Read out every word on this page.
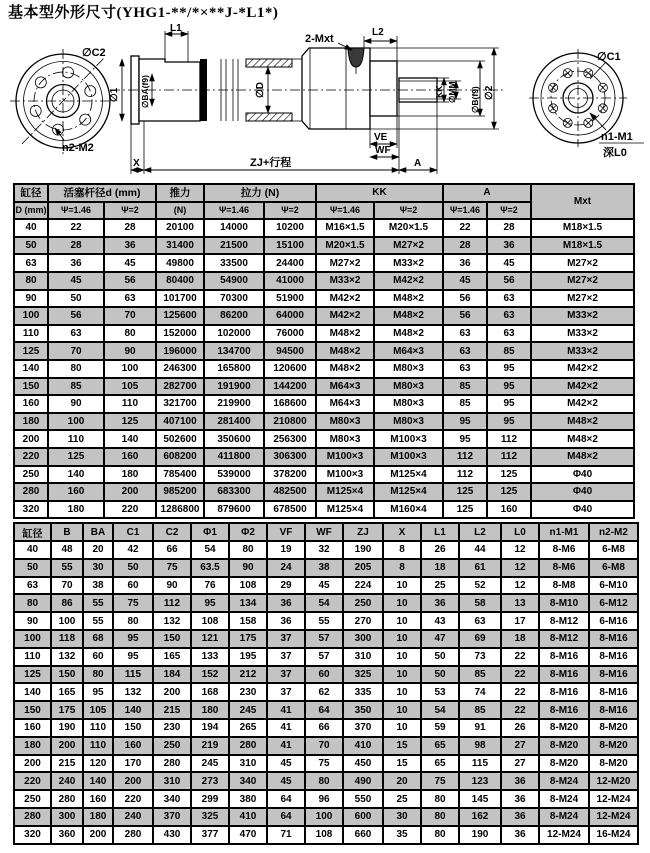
基本型外形尺寸(YHG1-**/*×**J-*L1*)
∅C2
n2-M2
∅1 ∅BA(f9)
L1
∅D
2-Mxt
L2
KK ∅MM ∅B(f9) ∅2
VE
WF
A
X	ZJ+行程
∅C1
n1-M1
深L0
缸径	活塞杆径d (mm)		推力	拉力 (N)		KK		A		Mxt
D (mm)	Ψ=1.46	Ψ=2	(N)	Ψ=1.46	Ψ=2	Ψ=1.46	Ψ=2	Ψ=1.46	Ψ=2	
40	22	28	20100	14000	10200	M16×1.5	M20×1.5	22	28	M18×1.5
50	28	36	31400	21500	15100	M20×1.5	M27×2	28	36	M18×1.5
63	36	45	49800	33500	24400	M27×2	M33×2	36	45	M27×2
80	45	56	80400	54900	41000	M33×2	M42×2	45	56	M27×2
90	50	63	101700	70300	51900	M42×2	M48×2	56	63	M27×2
100	56	70	125600	86200	64000	M42×2	M48×2	56	63	M33×2
110	63	80	152000	102000	76000	M48×2	M48×2	63	63	M33×2
125	70	90	196000	134700	94500	M48×2	M64×3	63	85	M33×2
140	80	100	246300	165800	120600	M48×2	M80×3	63	95	M42×2
150	85	105	282700	191900	144200	M64×3	M80×3	85	95	M42×2
160	90	110	321700	219900	168600	M64×3	M80×3	85	95	M42×2
180	100	125	407100	281400	210800	M80×3	M80×3	95	95	M48×2
200	110	140	502600	350600	256300	M80×3	M100×3	95	112	M48×2
220	125	160	608200	411800	306300	M100×3	M100×3	112	112	M48×2
250	140	180	785400	539000	378200	M100×3	M125×4	112	125	Φ40
280	160	200	985200	683300	482500	M125×4	M125×4	125	125	Φ40
320	180	220	1286800	879600	678500	M125×4	M160×4	125	160	Φ40
缸径	B	BA	C1	C2	Φ1	Φ2	VF	WF	ZJ	X	L1	L2	L0	n1-M1	n2-M2
40	48	20	42	66	54	80	19	32	190	8	26	44	12	8-M6	6-M8
50	55	30	50	75	63.5	90	24	38	205	8	18	61	12	8-M6	6-M8
63	70	38	60	90	76	108	29	45	224	10	25	52	12	8-M8	6-M10
80	86	55	75	112	95	134	36	54	250	10	36	58	13	8-M10	6-M12
90	100	55	80	132	108	158	36	55	270	10	43	63	17	8-M12	6-M16
100	118	68	95	150	121	175	37	57	300	10	47	69	18	8-M12	8-M16
110	132	60	95	165	133	195	37	57	310	10	50	73	22	8-M16	8-M16
125	150	80	115	184	152	212	37	60	325	10	50	85	22	8-M16	8-M16
140	165	95	132	200	168	230	37	62	335	10	53	74	22	8-M16	8-M16
150	175	105	140	215	180	245	41	64	350	10	54	85	22	8-M16	8-M16
160	190	110	150	230	194	265	41	66	370	10	59	91	26	8-M20	8-M20
180	200	110	160	250	219	280	41	70	410	15	65	98	27	8-M20	8-M20
200	215	120	170	280	245	310	45	75	450	15	65	115	27	8-M20	8-M20
220	240	140	200	310	273	340	45	80	490	20	75	123	36	8-M24	12-M20
250	280	160	220	340	299	380	64	96	550	25	80	145	36	8-M24	12-M24
280	300	180	240	370	325	410	64	100	600	30	80	162	36	8-M24	12-M24
320	360	200	280	430	377	470	71	108	660	35	80	190	36	12-M24	16-M24
